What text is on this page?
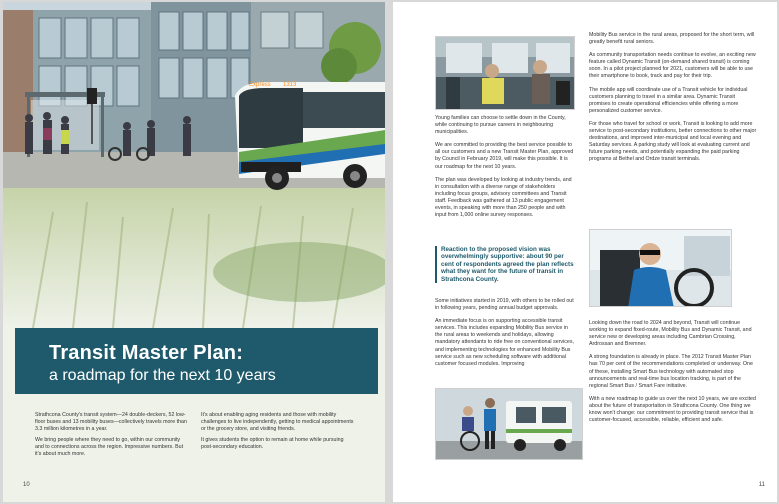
Express 1313
Transit Master Plan:
a roadmap for the next 10 years

Strathcona County's transit system—24 double-deckers, 52 low-floor buses and 13 mobility buses—collectively travels more than 3.3 million kilometres in a year.

We bring people where they need to go, within our community and to connections across the region. Impressive numbers. But it's about much more.

It's about enabling aging residents and those with mobility challenges to live independently, getting to medical appointments or the grocery store, and visiting friends.

It gives students the option to remain at home while pursuing post-secondary education.

10

Young families can choose to settle down in the County, while continuing to pursue careers in neighbouring municipalities.

We are committed to providing the best service possible to all our customers and a new Transit Master Plan, approved by Council in February 2019, will make this possible. It is our roadmap for the next 10 years.

The plan was developed by looking at industry trends, and in consultation with a diverse range of stakeholders including focus groups, advisory committees and Transit staff. Feedback was gathered at 13 public engagement events, in speaking with more than 250 people and with input from 1,000 online survey responses.

Reaction to the proposed vision was overwhelmingly supportive: about 90 per cent of respondents agreed the plan reflects what they want for the future of transit in Strathcona County.

Some initiatives started in 2019, with others to be rolled out in following years, pending annual budget approvals.

An immediate focus is on supporting accessible transit services. This includes expanding Mobility Bus service in the rural areas to weekends and holidays, allowing mandatory attendants to ride free on conventional services, and implementing technologies for enhanced Mobility Bus service such as new scheduling software with additional customer focused modules. Improving

Mobility Bus service in the rural areas, proposed for the short term, will greatly benefit rural seniors.

As community transportation needs continue to evolve, an exciting new feature called Dynamic Transit (on-demand shared transit) is coming soon. In a pilot project planned for 2021, customers will be able to use their smartphone to book, track and pay for their trip.

The mobile app will coordinate use of a Transit vehicle for individual customers planning to travel in a similar area. Dynamic Transit promises to create operational efficiencies while offering a more personalized customer service.

For those who travel for school or work, Transit is looking to add more service to post-secondary institutions, better connections to other major destinations, and improved inter-municipal and local evening and Saturday services. A parking study will look at evaluating current and future parking needs, and potentially expanding the paid parking programs at Bethel and Ordze transit terminals.

Looking down the road to 2024 and beyond, Transit will continue working to expand fixed-route, Mobility Bus and Dynamic Transit, and service new or developing areas including Cambrian Crossing, Ardrossan and Bremner.

A strong foundation is already in place. The 2012 Transit Master Plan has 70 per cent of the recommendations completed or underway. One of these, installing Smart Bus technology with automated stop announcements and real-time bus location tracking, is part of the regional Smart Bus / Smart Fare initiative.

With a new roadmap to guide us over the next 10 years, we are excited about the future of transportation in Strathcona County. One thing we know won't change: our commitment to providing transit service that is customer-focused, accessible, reliable, efficient and safe.

11
